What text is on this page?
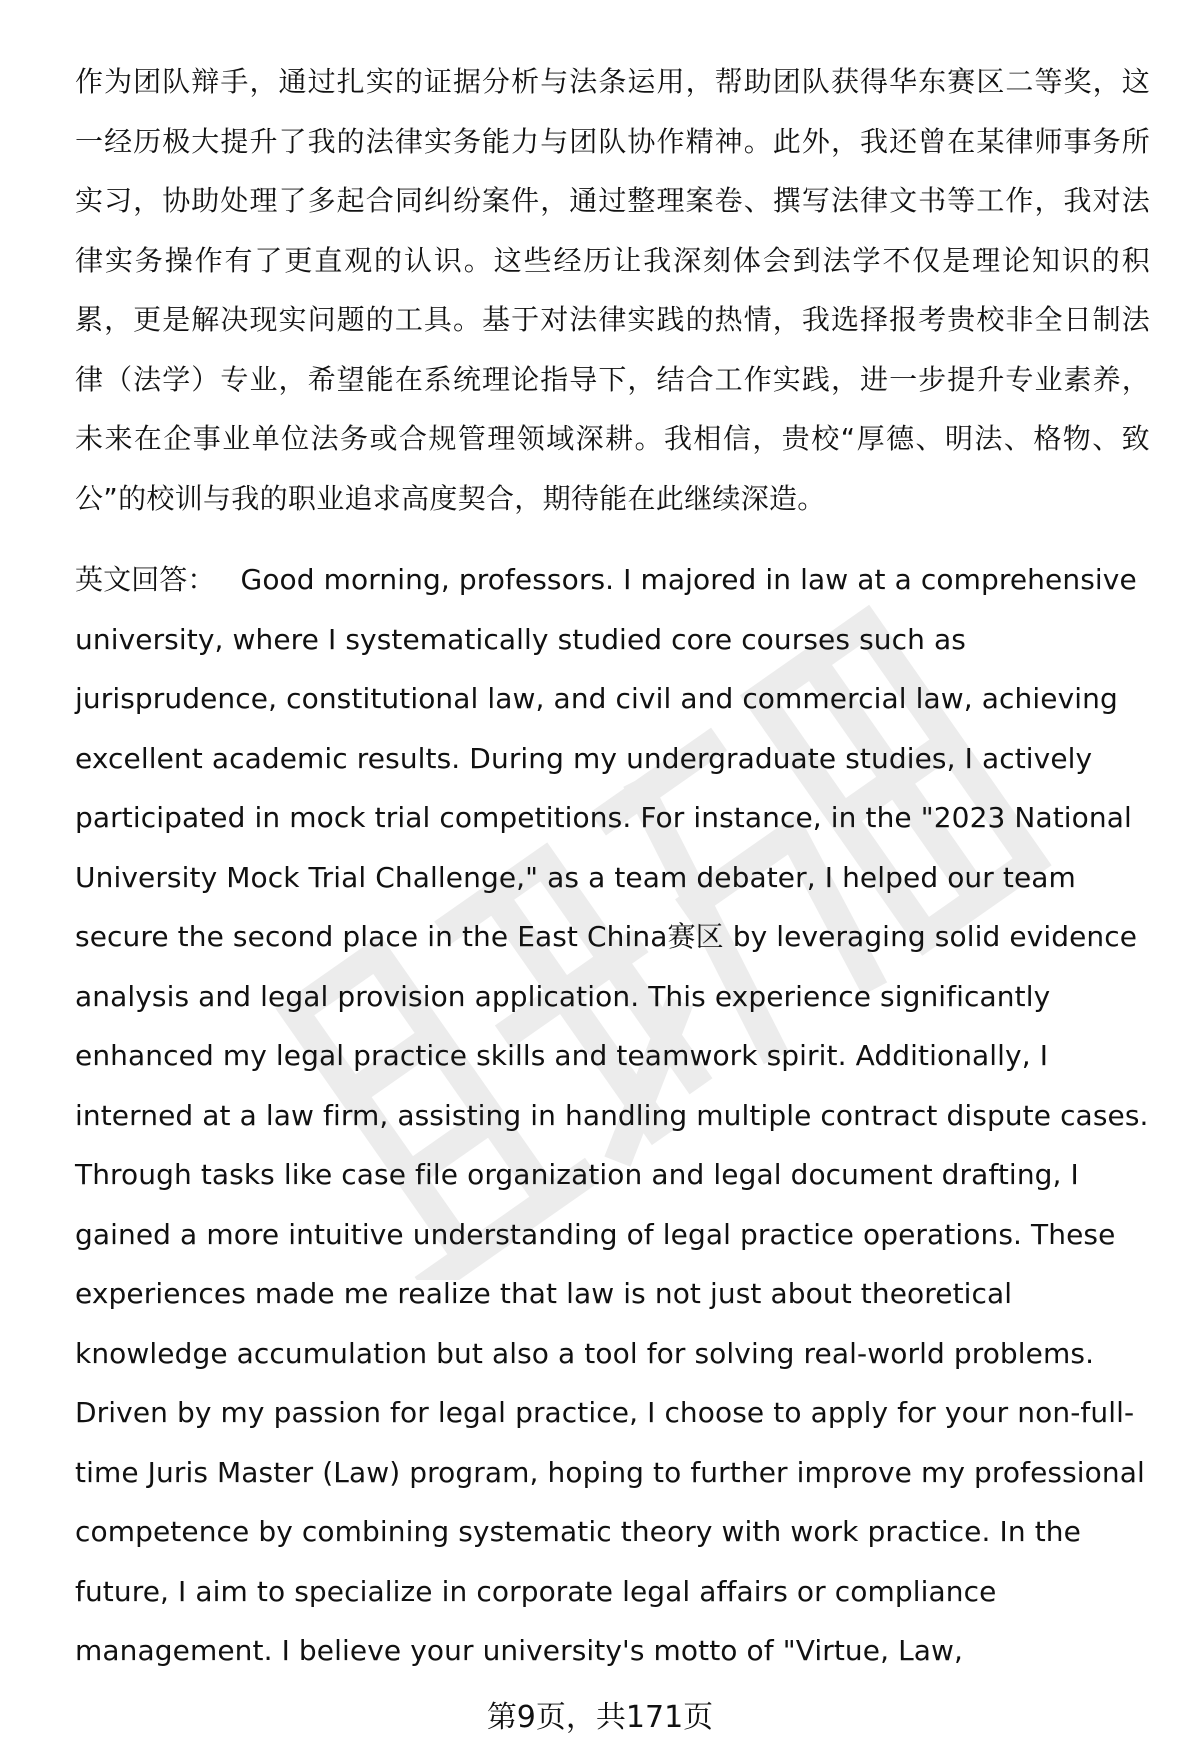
作为团队辩手，通过扎实的证据分析与法条运用，帮助团队获得华东赛区二等奖，这一经历极大提升了我的法律实务能力与团队协作精神。此外，我还曾在某律师事务所实习，协助处理了多起合同纠纷案件，通过整理案卷、撰写法律文书等工作，我对法律实务操作有了更直观的认识。这些经历让我深刻体会到法学不仅是理论知识的积累，更是解决现实问题的工具。基于对法律实践的热情，我选择报考贵校非全日制法律（法学）专业，希望能在系统理论指导下，结合工作实践，进一步提升专业素养，未来在企事业单位法务或合规管理领域深耕。我相信，贵校“厚德、明法、格物、致公”的校训与我的职业追求高度契合，期待能在此继续深造。

英文回答： Good morning, professors. I majored in law at a comprehensive university, where I systematically studied core courses such as jurisprudence, constitutional law, and civil and commercial law, achieving excellent academic results. During my undergraduate studies, I actively participated in mock trial competitions. For instance, in the "2023 National University Mock Trial Challenge," as a team debater, I helped our team secure the second place in the East China赛区 by leveraging solid evidence analysis and legal provision application. This experience significantly enhanced my legal practice skills and teamwork spirit. Additionally, I interned at a law firm, assisting in handling multiple contract dispute cases. Through tasks like case file organization and legal document drafting, I gained a more intuitive understanding of legal practice operations. These experiences made me realize that law is not just about theoretical knowledge accumulation but also a tool for solving real-world problems. Driven by my passion for legal practice, I choose to apply for your non-full-time Juris Master (Law) program, hoping to further improve my professional competence by combining systematic theory with work practice. In the future, I aim to specialize in corporate legal affairs or compliance management. I believe your university's motto of "Virtue, Law,

第9页，共171页
